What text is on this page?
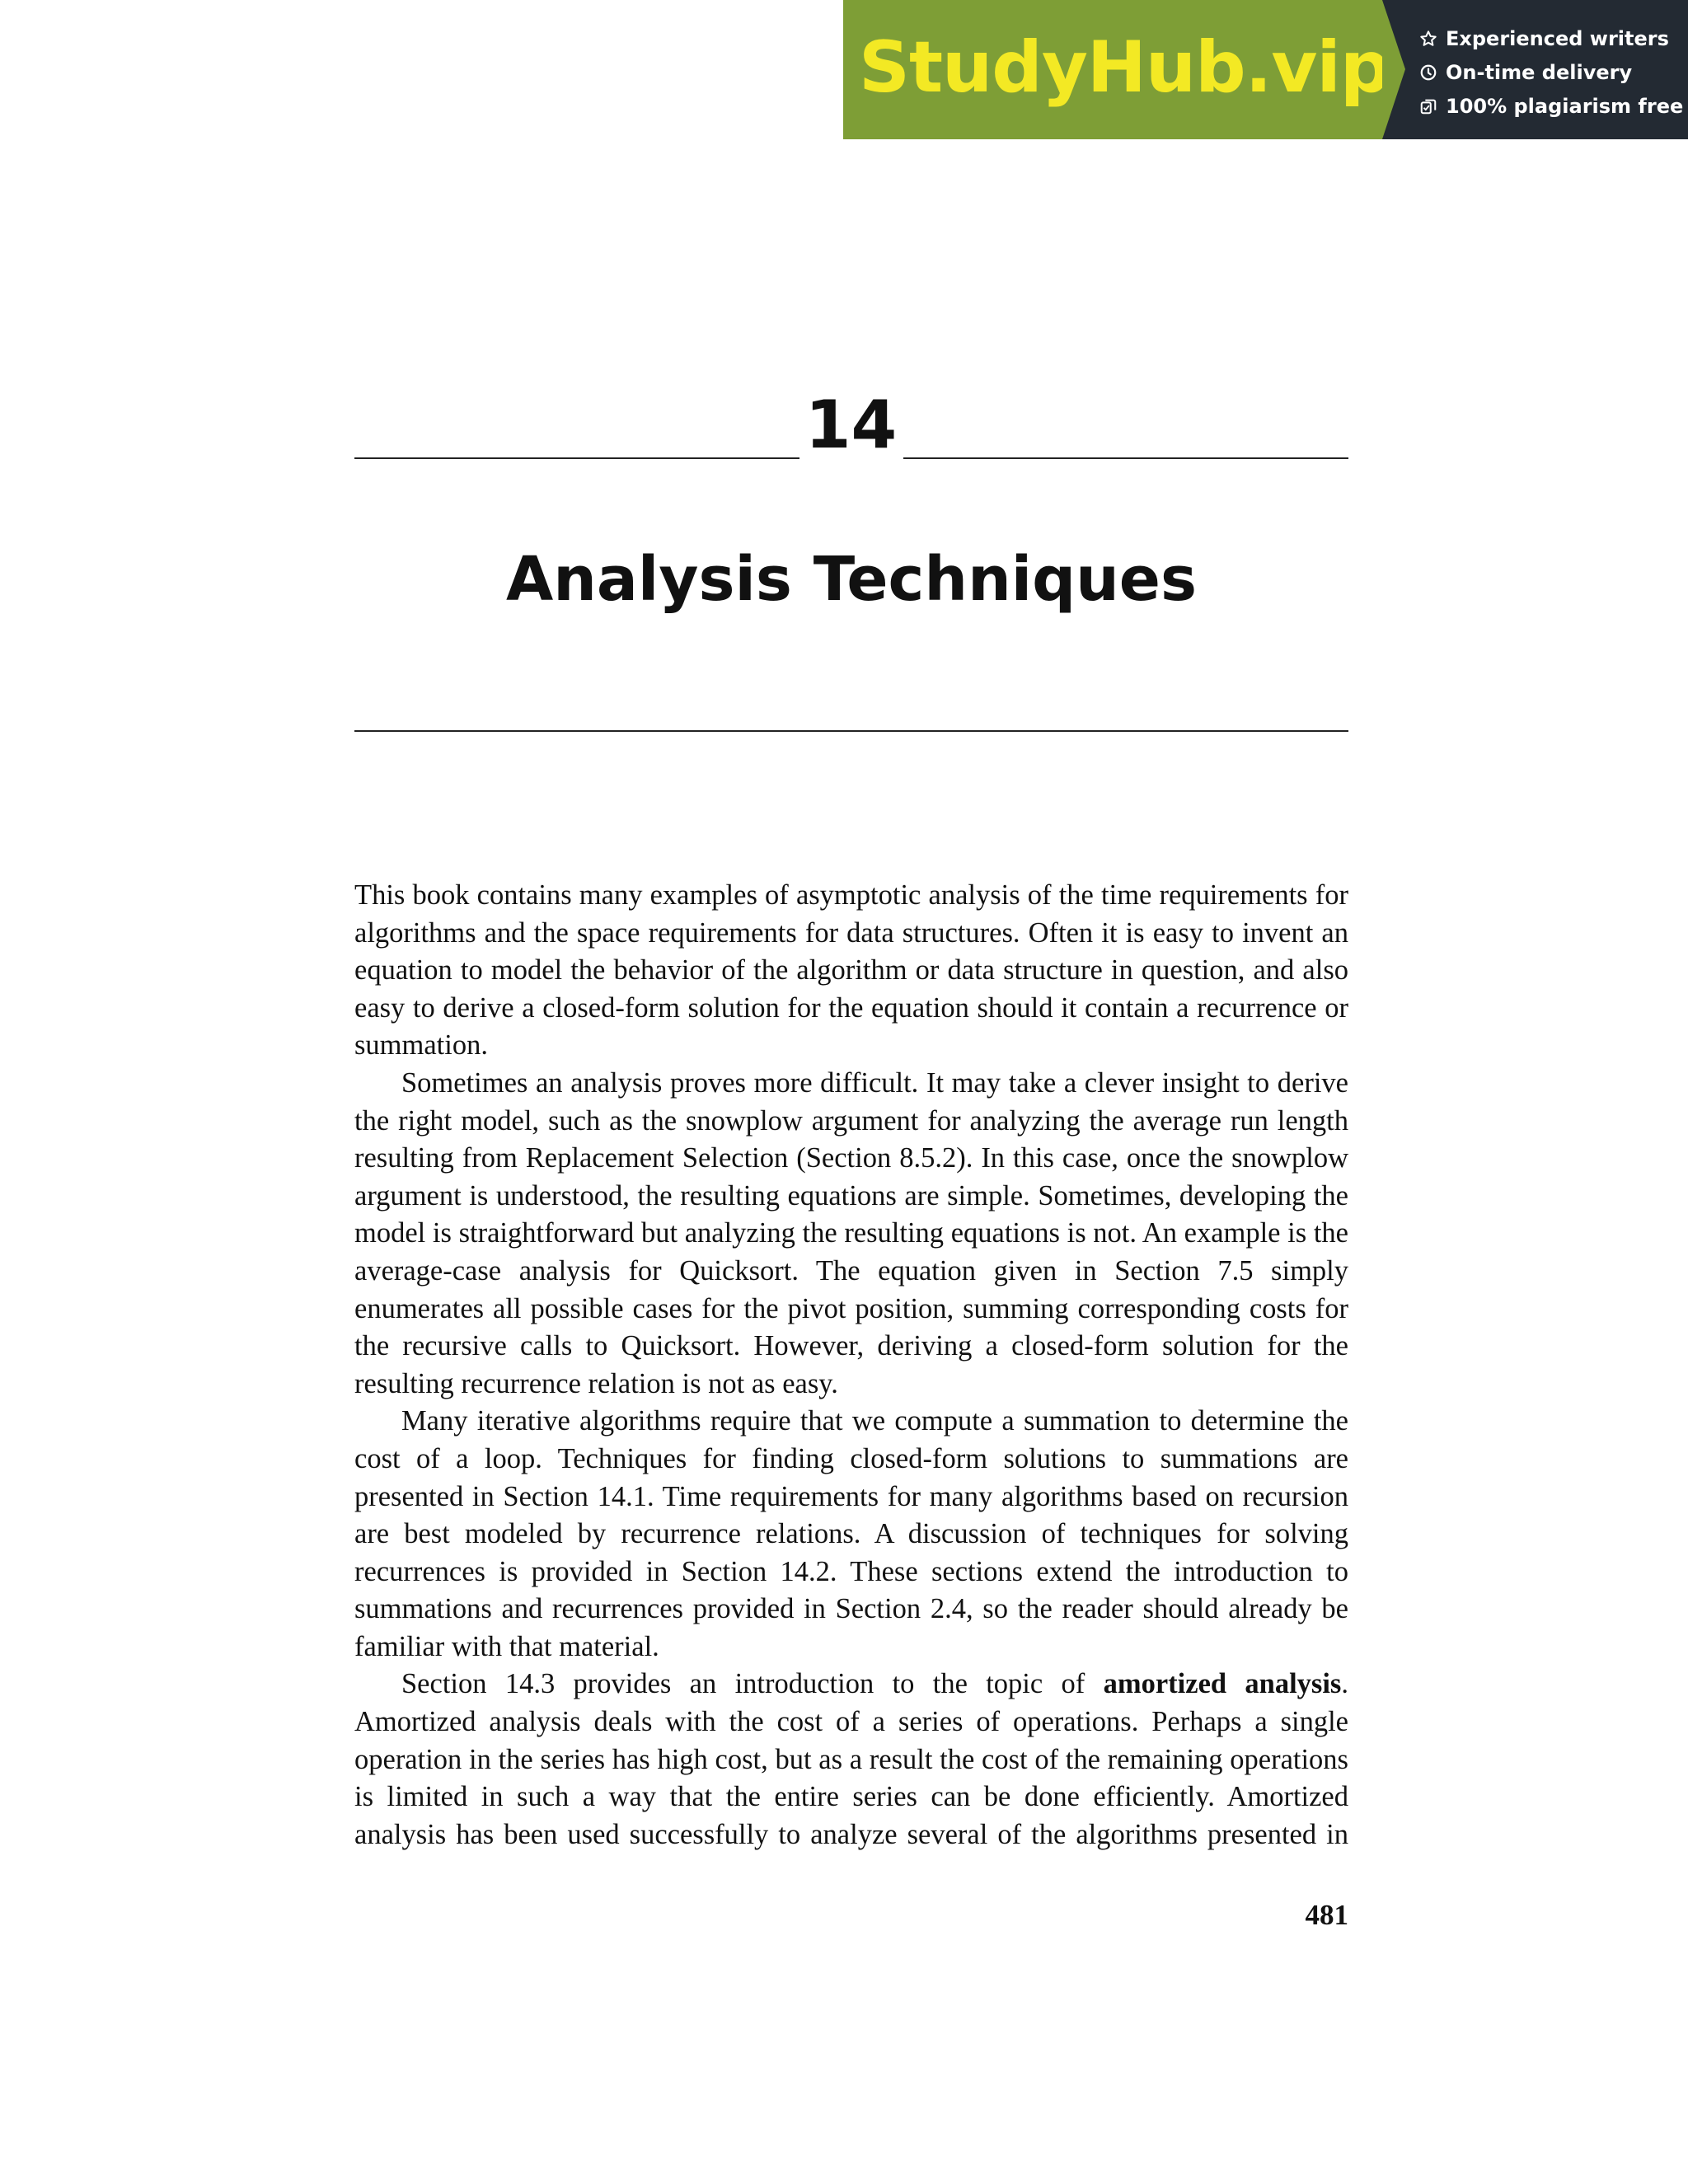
StudyHub.vip	Experienced writers
On-time delivery
100% plagiarism free
14
Analysis Techniques

This book contains many examples of asymptotic analysis of the time requirements for algorithms and the space requirements for data structures. Often it is easy to invent an equation to model the behavior of the algorithm or data structure in question, and also easy to derive a closed-form solution for the equation should it contain a recurrence or summation.

Sometimes an analysis proves more difficult. It may take a clever insight to derive the right model, such as the snowplow argument for analyzing the average run length resulting from Replacement Selection (Section 8.5.2). In this case, once the snowplow argument is understood, the resulting equations are simple. Sometimes, developing the model is straightforward but analyzing the resulting equations is not. An example is the average-case analysis for Quicksort. The equation given in Section 7.5 simply enumerates all possible cases for the pivot position, summing corresponding costs for the recursive calls to Quicksort. However, deriving a closed-form solution for the resulting recurrence relation is not as easy.

Many iterative algorithms require that we compute a summation to determine the cost of a loop. Techniques for finding closed-form solutions to summations are presented in Section 14.1. Time requirements for many algorithms based on recursion are best modeled by recurrence relations. A discussion of techniques for solving recurrences is provided in Section 14.2. These sections extend the introduction to summations and recurrences provided in Section 2.4, so the reader should already be familiar with that material.

Section 14.3 provides an introduction to the topic of amortized analysis. Amortized analysis deals with the cost of a series of operations. Perhaps a single operation in the series has high cost, but as a result the cost of the remaining operations is limited in such a way that the entire series can be done efficiently. Amortized analysis has been used successfully to analyze several of the algorithms presented in

481
